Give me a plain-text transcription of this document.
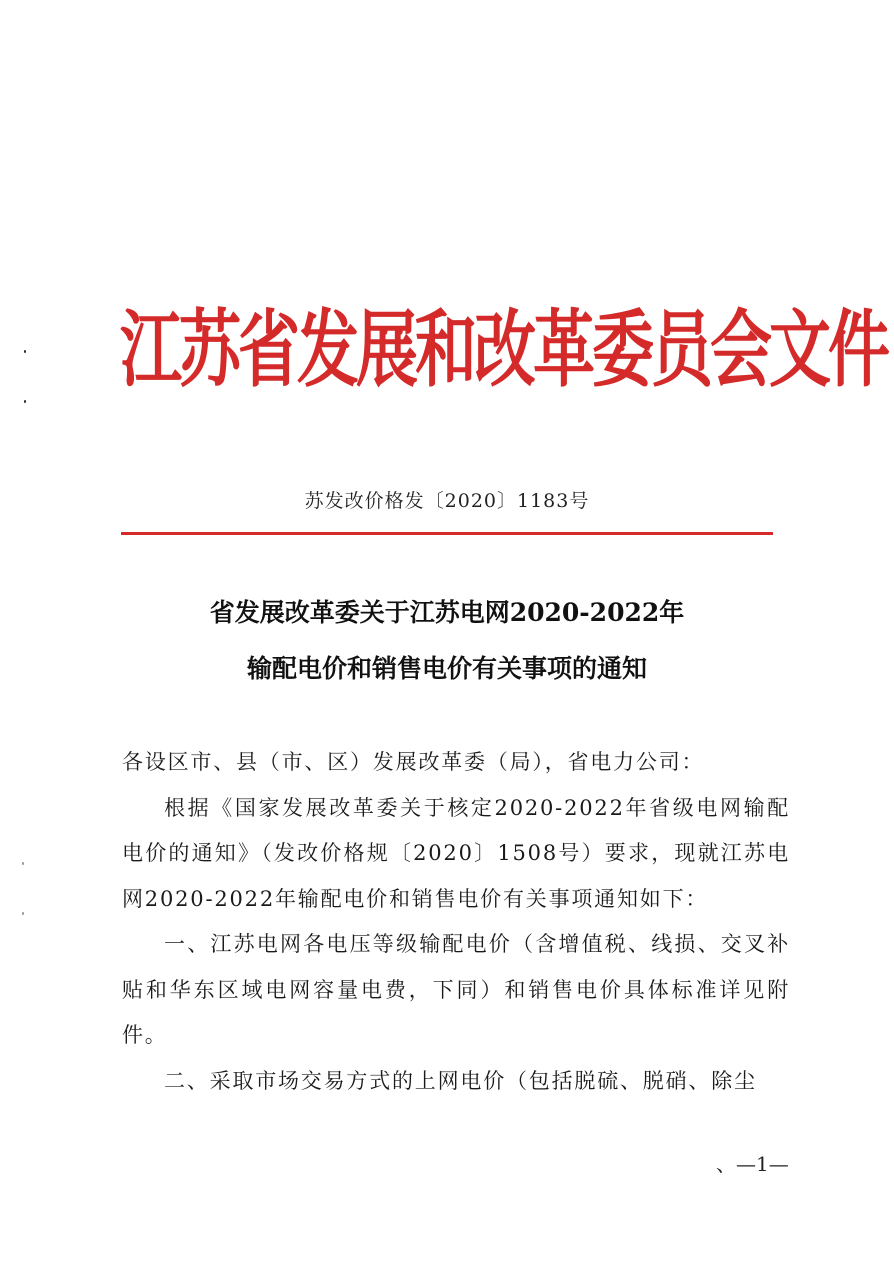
江苏省发展和改革委员会文件
苏发改价格发〔2020〕1183号
省发展改革委关于江苏电网2020-2022年
输配电价和销售电价有关事项的通知

各设区市、县（市、区）发展改革委（局），省电力公司：

根据《国家发展改革委关于核定2020-2022年省级电网输配电价的通知》（发改价格规〔2020〕1508号）要求，现就江苏电网2020-2022年输配电价和销售电价有关事项通知如下：

一、江苏电网各电压等级输配电价（含增值税、线损、交叉补贴和华东区域电网容量电费，下同）和销售电价具体标准详见附件。

二、采取市场交易方式的上网电价（包括脱硫、脱硝、除尘

、—1—
